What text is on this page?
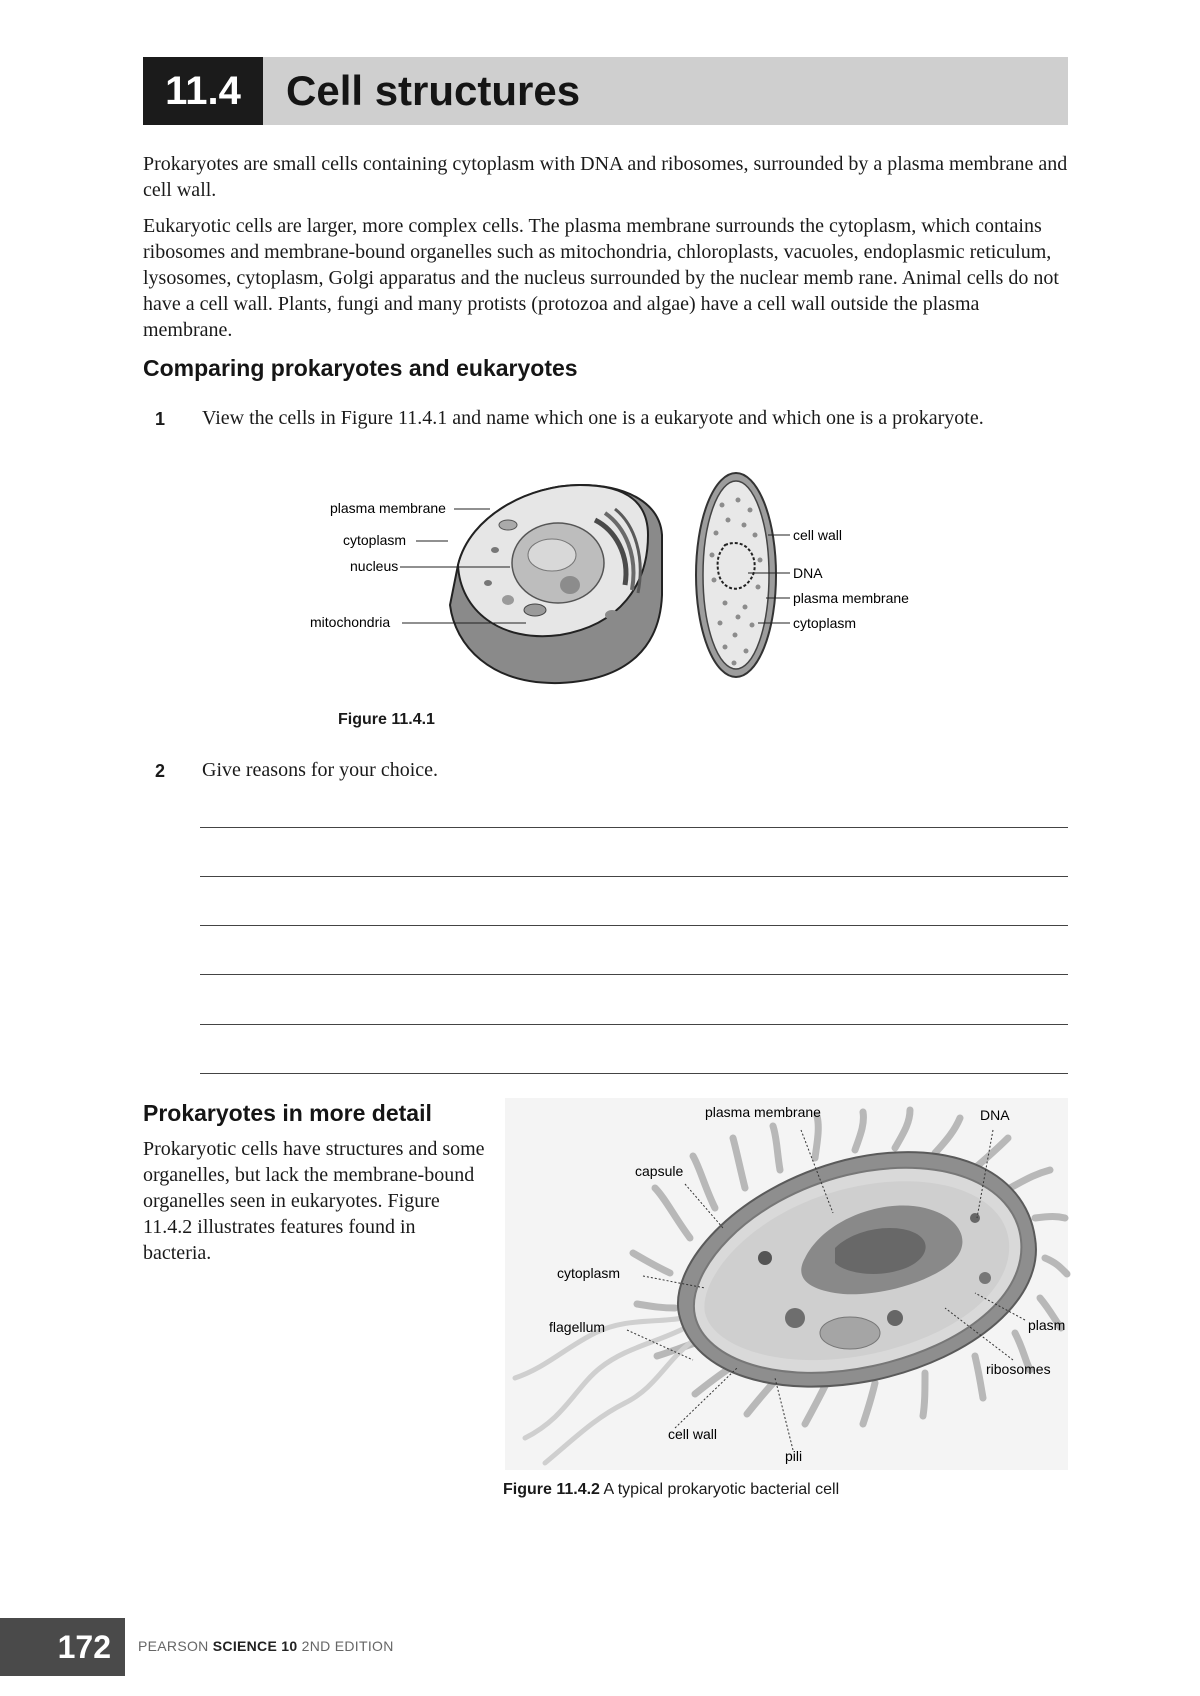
11.4	Cell structures

Prokaryotes are small cells containing cytoplasm with DNA and ribosomes, surrounded by a plasma membrane and cell wall.

Eukaryotic cells are larger, more complex cells. The plasma membrane surrounds the cytoplasm, which contains ribosomes and membrane-bound organelles such as mitochondria, chloroplasts, vacuoles, endoplasmic reticulum, lysosomes, cytoplasm, Golgi apparatus and the nucleus surrounded by the nuclear memb rane. Animal cells do not have a cell wall. Plants, fungi and many protists (protozoa and algae) have a cell wall outside the plasma membrane.

Comparing prokaryotes and eukaryotes
1 View the cells in Figure 11.4.1 and name which one is a eukaryote and which one is a prokaryote.
plasma membrane
cytoplasm
nucleus
mitochondria
cell wall
DNA
plasma membrane
cytoplasm
Figure 11.4.1
2 Give reasons for your choice.
Prokaryotes in more detail

Prokaryotic cells have structures and some organelles, but lack the membrane-bound organelles seen in eukaryotes. Figure 11.4.2 illustrates features found in bacteria.

plasma membrane	DNA
capsule
cytoplasm
flagellum	plasm
ribosomes
cell wall
pili
Figure 11.4.2 A typical prokaryotic bacterial cell
172	PEARSON SCIENCE 10 2ND EDITION
